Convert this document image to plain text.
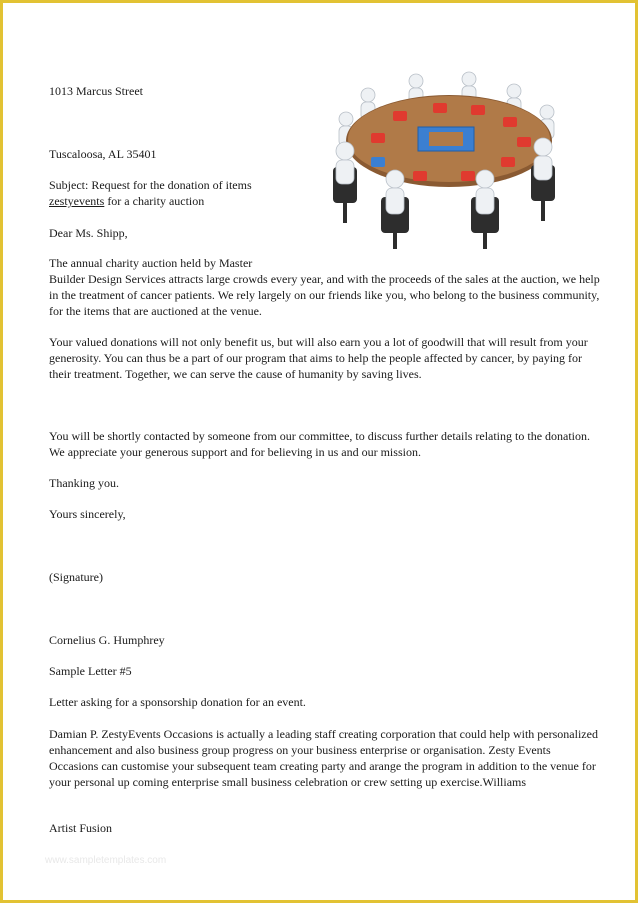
1013 Marcus Street

Tuscaloosa, AL 35401

Subject: Request for the donation of items

zestyevents for a charity auction

Dear Ms. Shipp,

The annual charity auction held by Master

Builder Design Services attracts large crowds every year, and with the proceeds of the sales at the auction, we help in the treatment of cancer patients. We rely largely on our friends like you, who belong to the business community, for the items that are auctioned at the venue.

Your valued donations will not only benefit us, but will also earn you a lot of goodwill that will result from your generosity. You can thus be a part of our program that aims to help the people affected by cancer, by paying for their treatment. Together, we can serve the cause of humanity by saving lives.

You will be shortly contacted by someone from our committee, to discuss further details relating to the donation. We appreciate your generous support and for believing in us and our mission.

Thanking you.

Yours sincerely,

(Signature)

Cornelius G. Humphrey

Sample Letter #5

Letter asking for a sponsorship donation for an event.

Damian P. ZestyEvents Occasions is actually a leading staff creating corporation that could help with personalized enhancement and also business group progress on your business enterprise or organisation. Zesty Events Occasions can customise your subsequent team creating party and arange the program in addition to the venue for your personal up coming enterprise small business celebration or crew setting up exercise.Williams

Artist Fusion

www.sampletemplates.com
